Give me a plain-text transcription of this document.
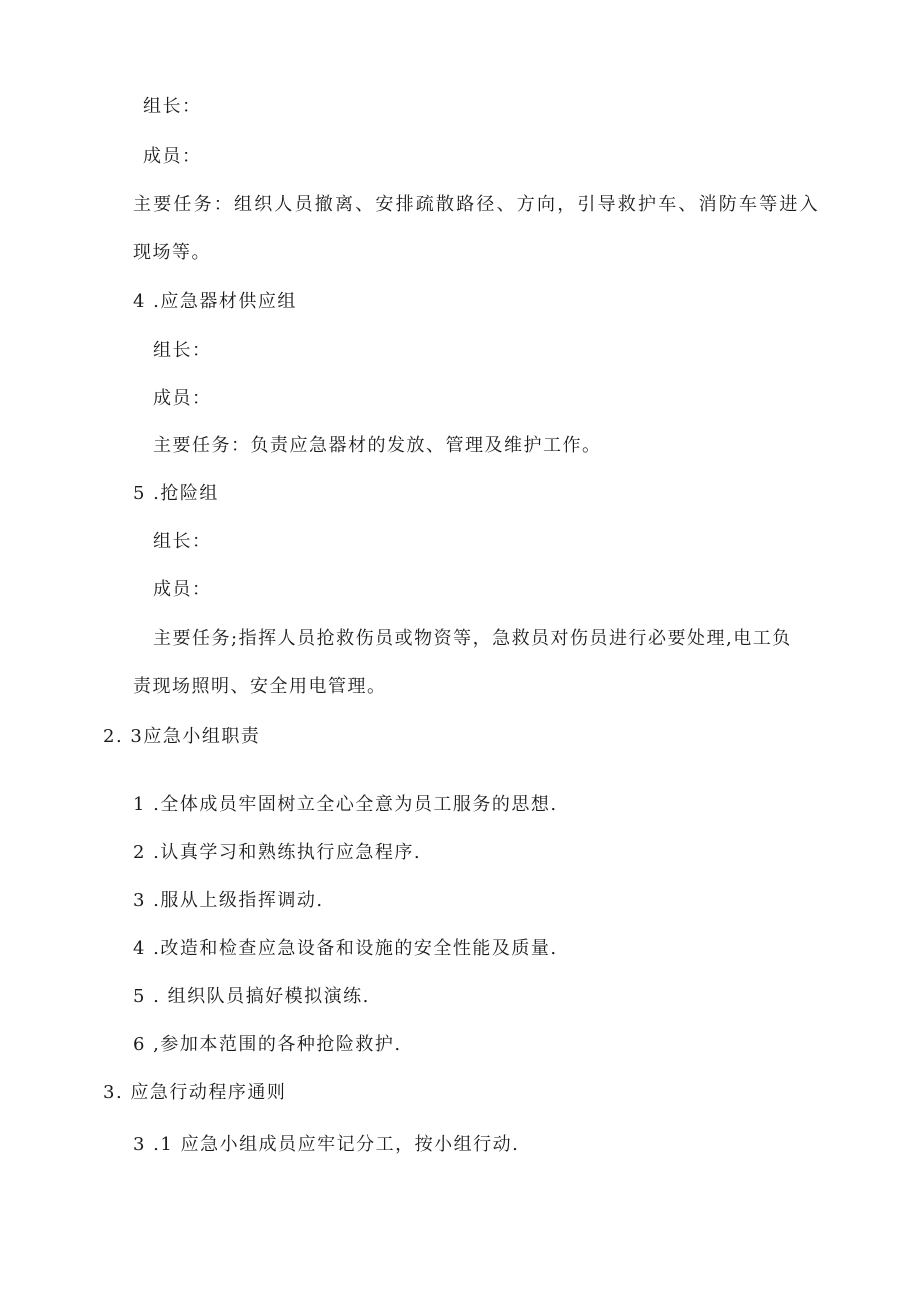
组长：
成员：
主要任务：组织人员撤离、安排疏散路径、方向，引导救护车、消防车等进入
现场等。
4 .应急器材供应组
组长：
成员：
主要任务：负责应急器材的发放、管理及维护工作。
5 .抢险组
组长：
成员：
主要任务;指挥人员抢救伤员或物资等，急救员对伤员进行必要处理,电工负
责现场照明、安全用电管理。
2. 3应急小组职责
1 .全体成员牢固树立全心全意为员工服务的思想.
2 .认真学习和熟练执行应急程序.
3 .服从上级指挥调动.
4 .改造和检查应急设备和设施的安全性能及质量.
5 . 组织队员搞好模拟演练.
6 ,参加本范围的各种抢险救护.
3. 应急行动程序通则
3 .1 应急小组成员应牢记分工，按小组行动.
